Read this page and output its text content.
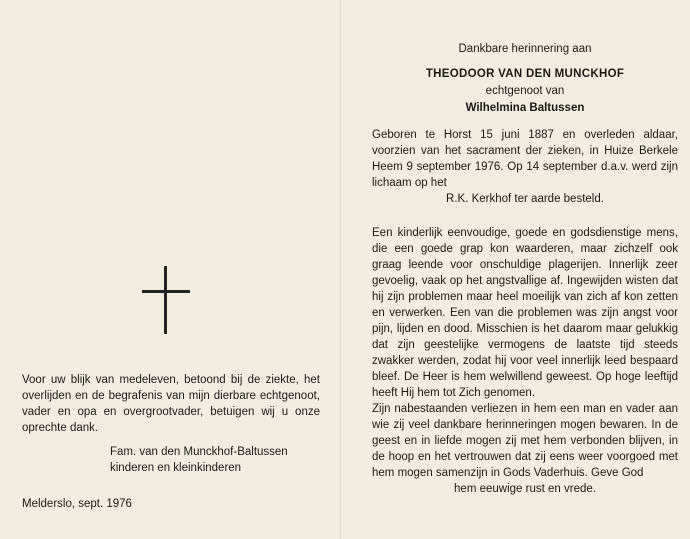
Voor uw blijk van medeleven, betoond bij de ziekte, het overlijden en de begrafenis van mijn dierbare echtgenoot, vader en opa en overgrootvader, betuigen wij u onze oprechte dank.

Fam. van den Munckhof-Baltussen
kinderen en kleinkinderen
Melderslo, sept. 1976
Dankbare herinnering aan
THEODOOR VAN DEN MUNCKHOF
echtgenoot van
Wilhelmina Baltussen
Geboren te Horst 15 juni 1887 en overleden aldaar, voorzien van het sacrament der zieken, in Huize Berkele Heem 9 september 1976. Op 14 september d.a.v. werd zijn lichaam op het
R.K. Kerkhof ter aarde besteld.

Een kinderlijk eenvoudige, goede en godsdienstige mens, die een goede grap kon waarderen, maar zichzelf ook graag leende voor onschuldige plagerijen. Innerlijk zeer gevoelig, vaak op het angstvallige af. Ingewijden wisten dat hij zijn problemen maar heel moeilijk van zich af kon zetten en verwerken. Een van die problemen was zijn angst voor pijn, lijden en dood. Misschien is het daarom maar gelukkig dat zijn geestelijke vermogens de laatste tijd steeds zwakker werden, zodat hij voor veel innerlijk leed bespaard bleef. De Heer is hem welwillend geweest. Op hoge leeftijd heeft Hij hem tot Zich genomen.

Zijn nabestaanden verliezen in hem een man en vader aan wie zij veel dankbare herinneringen mogen bewaren. In de geest en in liefde mogen zij met hem verbonden blijven, in de hoop en het vertrouwen dat zij eens weer voorgoed met hem mogen samenzijn in Gods Vaderhuis. Geve God

hem eeuwige rust en vrede.
